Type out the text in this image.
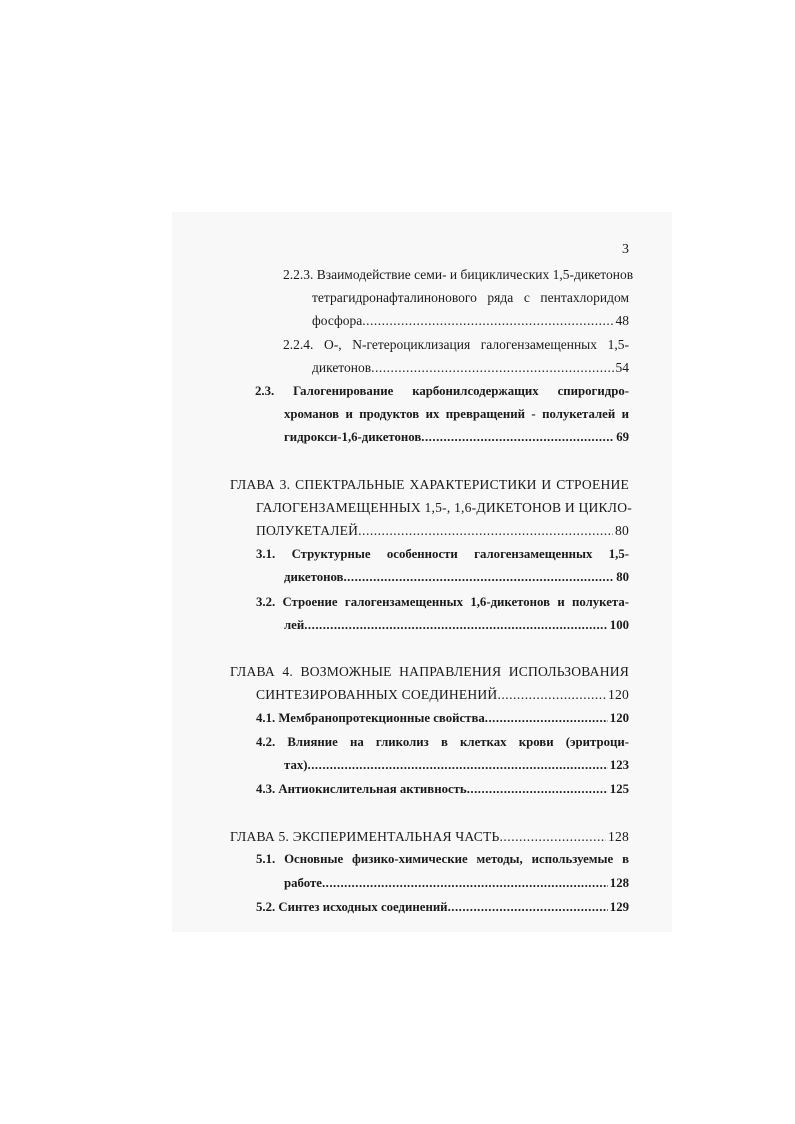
3
2.2.3. Взаимодействие семи- и бициклических 1,5-дикетонов
тетрагидронафталинонового ряда с пентахлоридом
фосфора .....	48
2.2.4. О-, N-гетероциклизация галогензамещенных 1,5-
дикетонов .....	54
2.3. Галогенирование карбонилсодержащих спирогидро-
хроманов и продуктов их превращений - полукеталей и
гидрокси-1,6-дикетонов .....	69
ГЛАВА 3. СПЕКТРАЛЬНЫЕ ХАРАКТЕРИСТИКИ И СТРОЕНИЕ
ГАЛОГЕНЗАМЕЩЕННЫХ 1,5-, 1,6-ДИКЕТОНОВ И ЦИКЛО-
ПОЛУКЕТАЛЕЙ .....	80
3.1. Структурные особенности галогензамещенных 1,5-
дикетонов .....	80
3.2. Строение галогензамещенных 1,6-дикетонов и полукета-
лей .....	100
ГЛАВА 4. ВОЗМОЖНЫЕ НАПРАВЛЕНИЯ ИСПОЛЬЗОВАНИЯ
СИНТЕЗИРОВАННЫХ СОЕДИНЕНИЙ .....	120
4.1. Мембранопротекционные свойства .....	120
4.2. Влияние на гликолиз в клетках крови (эритроци-
тах) .....	123
4.3. Антиокислительная активность .....	125
ГЛАВА 5. ЭКСПЕРИМЕНТАЛЬНАЯ ЧАСТЬ .....	128
5.1. Основные физико-химические методы, используемые в
работе .....	128
5.2. Синтез исходных соединений .....	129
